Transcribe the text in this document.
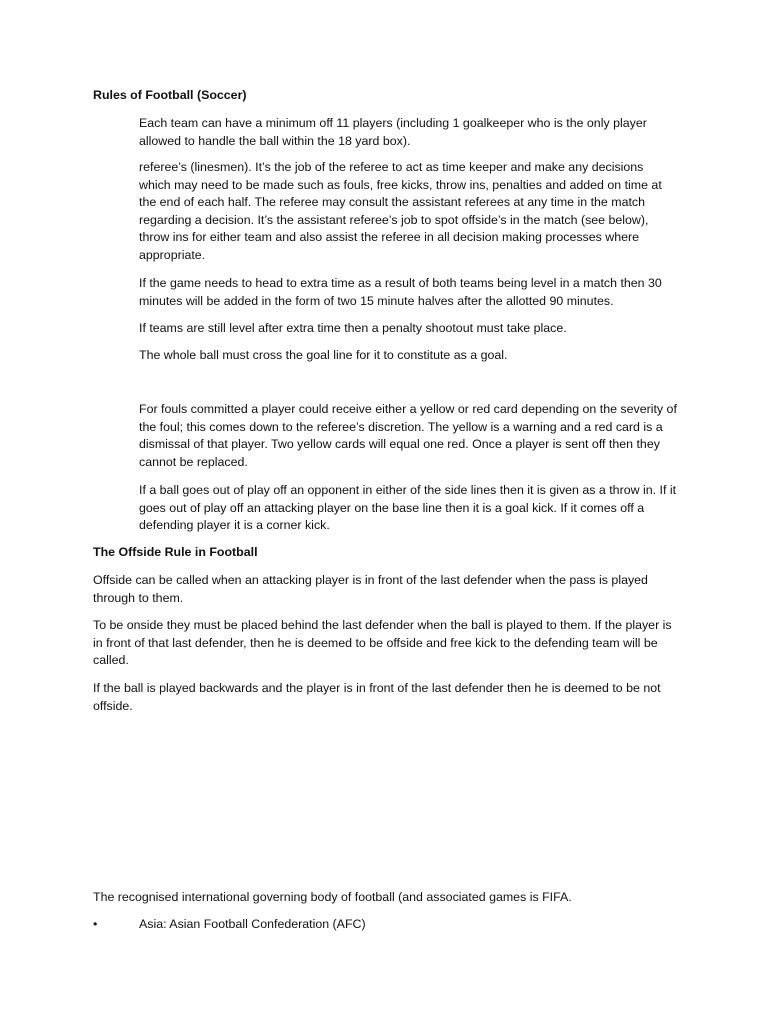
Rules of Football (Soccer)

Each team can have a minimum off 11 players (including 1 goalkeeper who is the only player allowed to handle the ball within the 18 yard box).

referee’s (linesmen). It’s the job of the referee to act as time keeper and make any decisions which may need to be made such as fouls, free kicks, throw ins, penalties and added on time at the end of each half. The referee may consult the assistant referees at any time in the match regarding a decision. It’s the assistant referee’s job to spot offside’s in the match (see below), throw ins for either team and also assist the referee in all decision making processes where appropriate.

If the game needs to head to extra time as a result of both teams being level in a match then 30 minutes will be added in the form of two 15 minute halves after the allotted 90 minutes.

If teams are still level after extra time then a penalty shootout must take place.

The whole ball must cross the goal line for it to constitute as a goal.

For fouls committed a player could receive either a yellow or red card depending on the severity of the foul; this comes down to the referee’s discretion. The yellow is a warning and a red card is a dismissal of that player. Two yellow cards will equal one red. Once a player is sent off then they cannot be replaced.

If a ball goes out of play off an opponent in either of the side lines then it is given as a throw in. If it goes out of play off an attacking player on the base line then it is a goal kick. If it comes off a defending player it is a corner kick.

The Offside Rule in Football

Offside can be called when an attacking player is in front of the last defender when the pass is played through to them.

To be onside they must be placed behind the last defender when the ball is played to them. If the player is in front of that last defender, then he is deemed to be offside and free kick to the defending team will be called.

If the ball is played backwards and the player is in front of the last defender then he is deemed to be not offside.

The recognised international governing body of football (and associated games is FIFA.

•	Asia: Asian Football Confederation (AFC)
